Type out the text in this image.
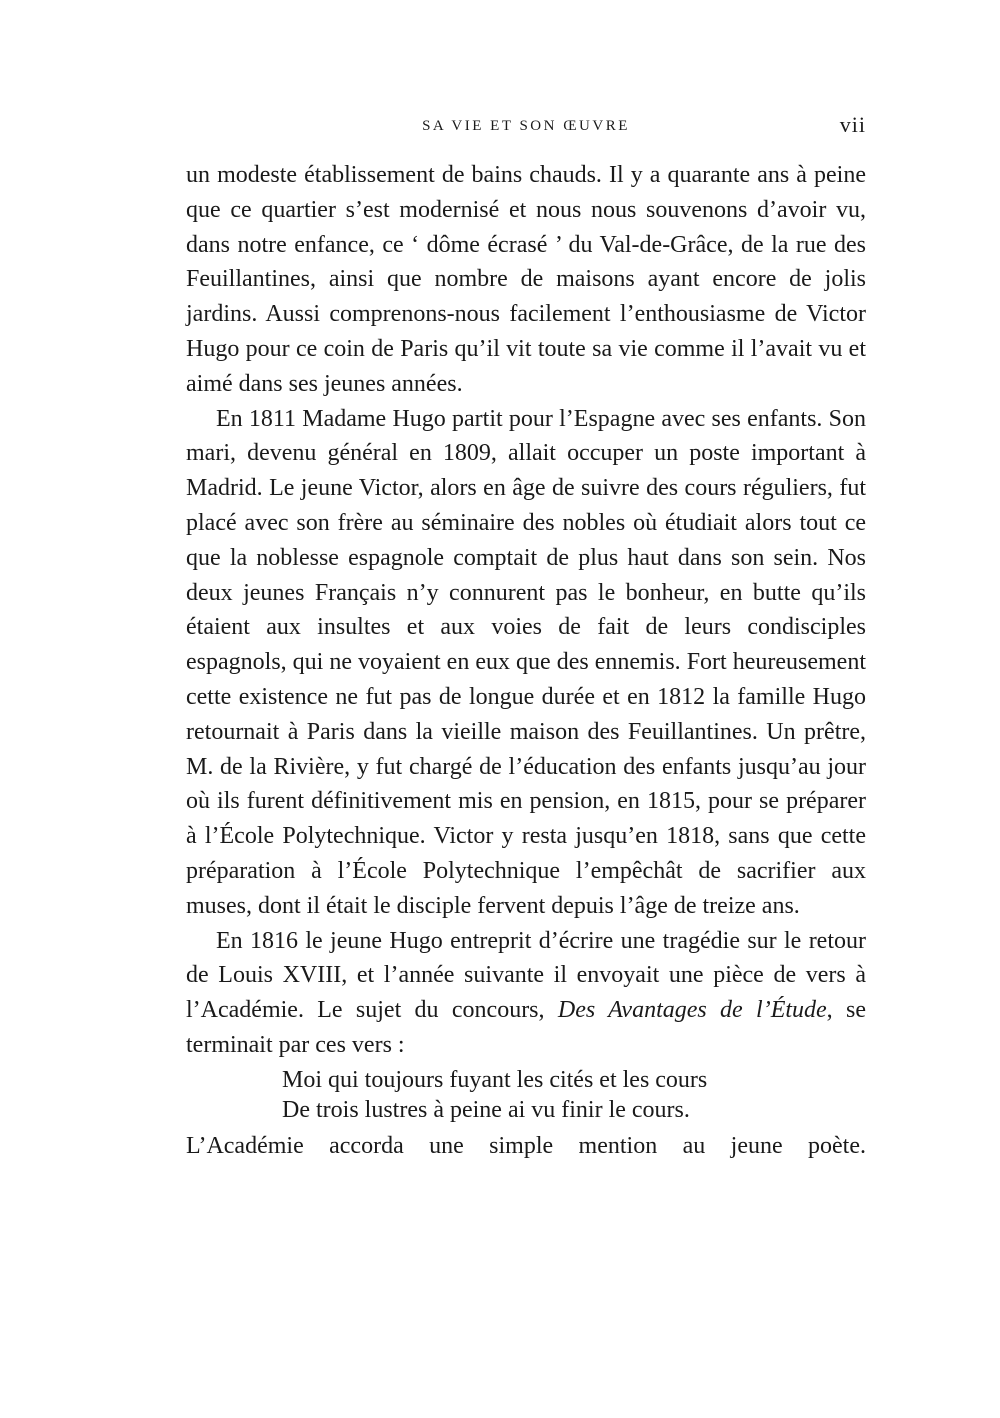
SA VIE ET SON ŒUVRE	vii

un modeste établissement de bains chauds. Il y a quarante ans à peine que ce quartier s’est modernisé et nous nous souvenons d’avoir vu, dans notre enfance, ce ‘ dôme écrasé ’ du Val-de-Grâce, de la rue des Feuillantines, ainsi que nombre de maisons ayant encore de jolis jardins. Aussi comprenons-nous facilement l’enthousiasme de Victor Hugo pour ce coin de Paris qu’il vit toute sa vie comme il l’avait vu et aimé dans ses jeunes années.

En 1811 Madame Hugo partit pour l’Espagne avec ses enfants. Son mari, devenu général en 1809, allait occuper un poste important à Madrid. Le jeune Victor, alors en âge de suivre des cours réguliers, fut placé avec son frère au séminaire des nobles où étudiait alors tout ce que la noblesse espagnole comptait de plus haut dans son sein. Nos deux jeunes Français n’y connurent pas le bonheur, en butte qu’ils étaient aux insultes et aux voies de fait de leurs condisciples espagnols, qui ne voyaient en eux que des ennemis. Fort heureusement cette existence ne fut pas de longue durée et en 1812 la famille Hugo retournait à Paris dans la vieille maison des Feuillantines. Un prêtre, M. de la Rivière, y fut chargé de l’éducation des enfants jusqu’au jour où ils furent définitivement mis en pension, en 1815, pour se préparer à l’École Polytechnique. Victor y resta jusqu’en 1818, sans que cette préparation à l’École Polytechnique l’empêchât de sacrifier aux muses, dont il était le disciple fervent depuis l’âge de treize ans.

En 1816 le jeune Hugo entreprit d’écrire une tragédie sur le retour de Louis XVIII, et l’année suivante il envoyait une pièce de vers à l’Académie. Le sujet du concours, Des Avantages de l’Étude, se terminait par ces vers :

Moi qui toujours fuyant les cités et les cours
De trois lustres à peine ai vu finir le cours.

L’Académie accorda une simple mention au jeune poète.
